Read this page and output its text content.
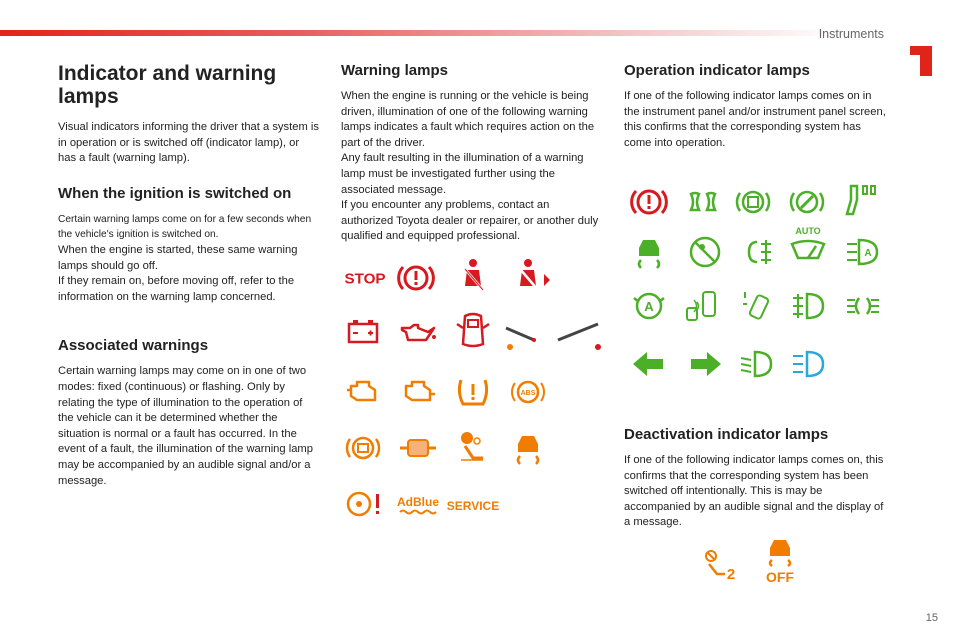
Instruments
15
Indicator and warning lamps

Visual indicators informing the driver that a system is in operation or is switched off (indicator lamp), or has a fault (warning lamp).

When the ignition is switched on

Certain warning lamps come on for a few seconds when the vehicle's ignition is switched on.

When the engine is started, these same warning lamps should go off.

If they remain on, before moving off, refer to the information on the warning lamp concerned.

Associated warnings

Certain warning lamps may come on in one of two modes: fixed (continuous) or flashing. Only by relating the type of illumination to the operation of the vehicle can it be determined whether the situation is normal or a fault has occurred. In the event of a fault, the illumination of the warning lamp may be accompanied by an audible signal and/or a message.

Warning lamps

When the engine is running or the vehicle is being driven, illumination of one of the following warning lamps indicates a fault which requires action on the part of the driver.

Any fault resulting in the illumination of a warning lamp must be investigated further using the associated message.

If you encounter any problems, contact an authorized Toyota dealer or repairer, or another duly qualified and equipped professional.

STOP
ABS
AdBlue SERVICE
Operation indicator lamps

If one of the following indicator lamps comes on in the instrument panel and/or instrument panel screen, this confirms that the corresponding system has come into operation.

AUTO
A
A
Deactivation indicator lamps

If one of the following indicator lamps comes on, this confirms that the corresponding system has been switched off intentionally. This is may be accompanied by an audible signal and the display of a message.

2 OFF
